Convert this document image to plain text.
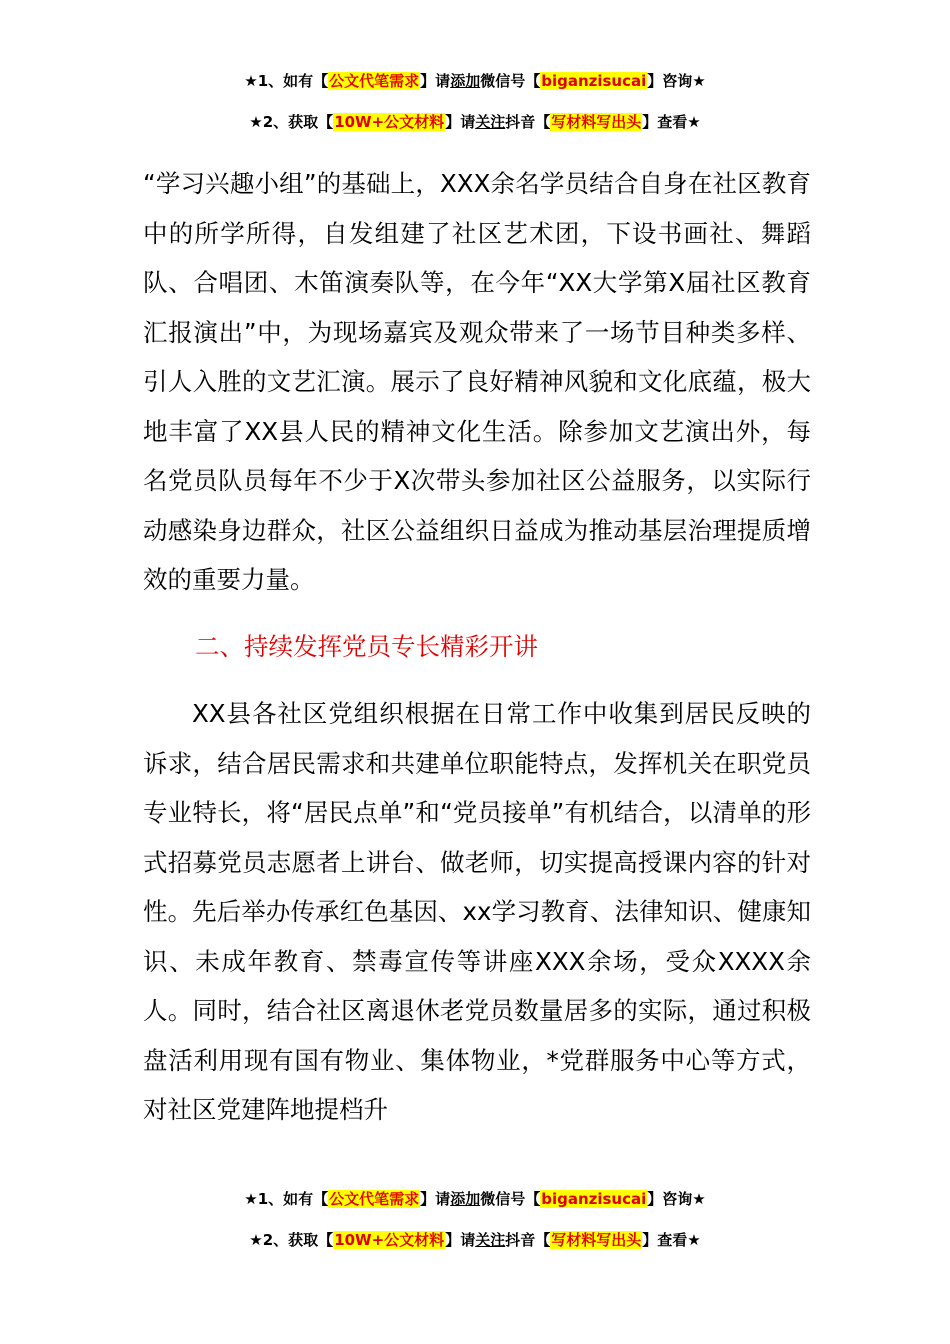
★1、如有【公文代笔需求】请添加微信号【biganzisucai】咨询★
★2、获取【10W+公文材料】请关注抖音【写材料写出头】查看★

“学习兴趣小组”的基础上，XXX余名学员结合自身在社区教育中的所学所得，自发组建了社区艺术团，下设书画社、舞蹈队、合唱团、木笛演奏队等，在今年“XX大学第X届社区教育汇报演出”中，为现场嘉宾及观众带来了一场节目种类多样、引人入胜的文艺汇演。展示了良好精神风貌和文化底蕴，极大地丰富了XX县人民的精神文化生活。除参加文艺演出外，每名党员队员每年不少于X次带头参加社区公益服务，以实际行动感染身边群众，社区公益组织日益成为推动基层治理提质增效的重要力量。

二、持续发挥党员专长精彩开讲

XX县各社区党组织根据在日常工作中收集到居民反映的诉求，结合居民需求和共建单位职能特点，发挥机关在职党员专业特长，将“居民点单”和“党员接单”有机结合，以清单的形式招募党员志愿者上讲台、做老师，切实提高授课内容的针对性。先后举办传承红色基因、xx学习教育、法律知识、健康知识、未成年教育、禁毒宣传等讲座XXX余场，受众XXXX余人。同时，结合社区离退休老党员数量居多的实际，通过积极盘活利用现有国有物业、集体物业，*党群服务中心等方式，对社区党建阵地提档升

★1、如有【公文代笔需求】请添加微信号【biganzisucai】咨询★
★2、获取【10W+公文材料】请关注抖音【写材料写出头】查看★
